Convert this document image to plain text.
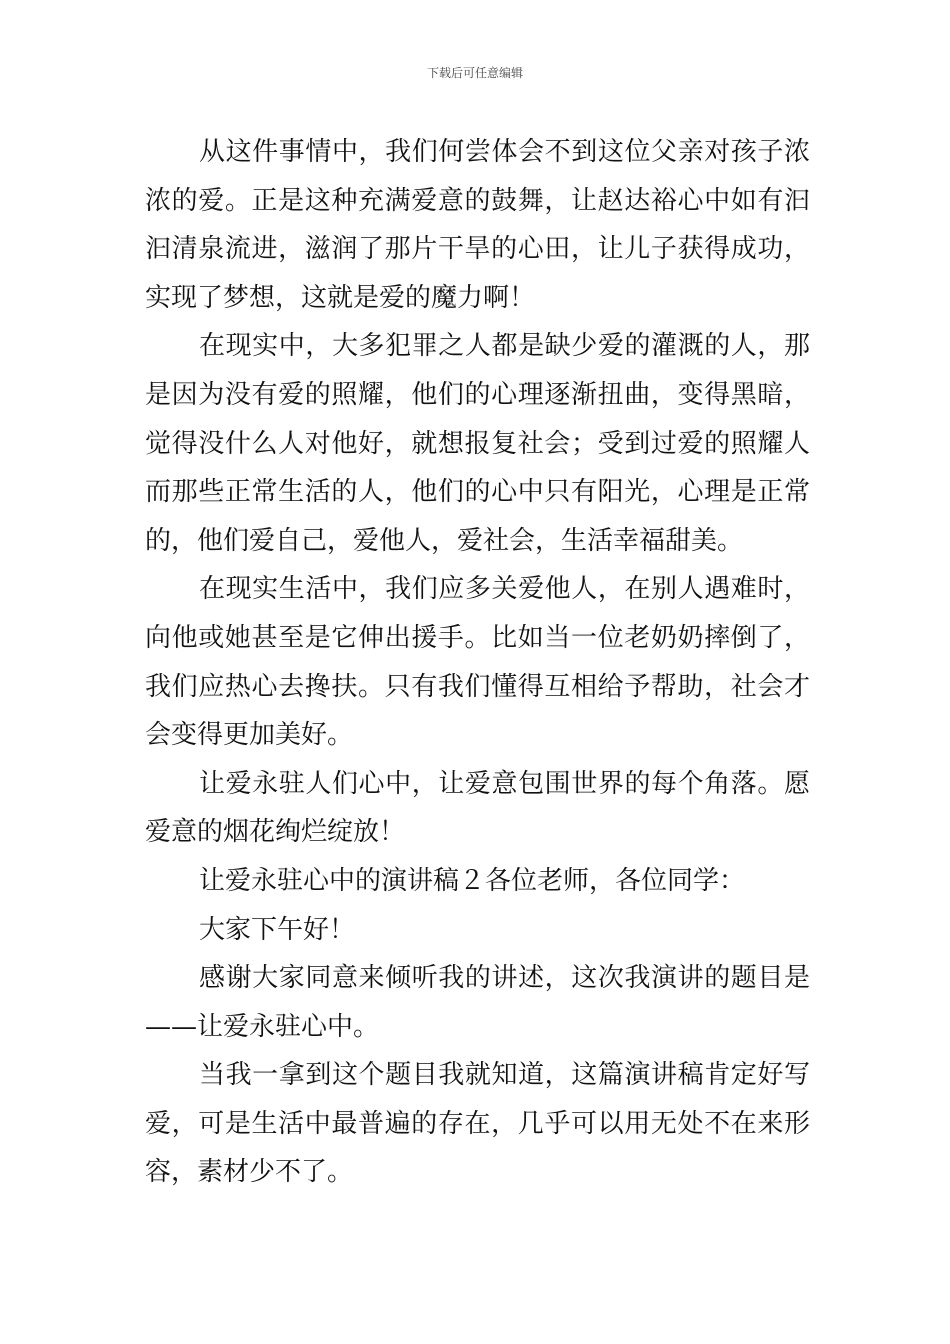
下载后可任意编辑
从这件事情中，我们何尝体会不到这位父亲对孩子浓
浓的爱。正是这种充满爱意的鼓舞，让赵达裕心中如有汩
汩清泉流进，滋润了那片干旱的心田，让儿子获得成功，
实现了梦想，这就是爱的魔力啊！
在现实中，大多犯罪之人都是缺少爱的灌溉的人，那
是因为没有爱的照耀，他们的心理逐渐扭曲，变得黑暗，
觉得没什么人对他好，就想报复社会；受到过爱的照耀人
而那些正常生活的人，他们的心中只有阳光，心理是正常
的，他们爱自己，爱他人，爱社会，生活幸福甜美。
在现实生活中，我们应多关爱他人，在别人遇难时，
向他或她甚至是它伸出援手。比如当一位老奶奶摔倒了，
我们应热心去搀扶。只有我们懂得互相给予帮助，社会才
会变得更加美好。
让爱永驻人们心中，让爱意包围世界的每个角落。愿
爱意的烟花绚烂绽放！
让爱永驻心中的演讲稿２各位老师，各位同学：
大家下午好！
感谢大家同意来倾听我的讲述，这次我演讲的题目是
——让爱永驻心中。
当我一拿到这个题目我就知道，这篇演讲稿肯定好写
爱，可是生活中最普遍的存在，几乎可以用无处不在来形
容，素材少不了。
